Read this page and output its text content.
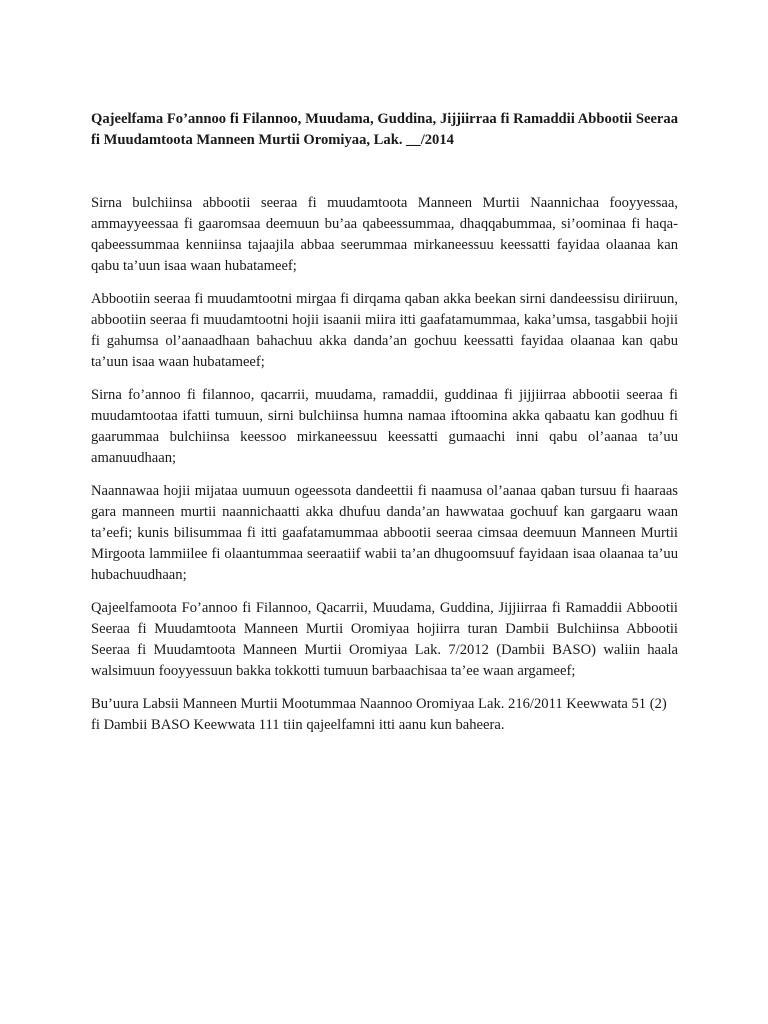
Qajeelfama Fo’annoo fi Filannoo, Muudama, Guddina, Jijjiirraa fi Ramaddii Abbootii Seeraa fi Muudamtoota Manneen Murtii Oromiyaa, Lak. __/2014

Sirna bulchiinsa abbootii seeraa fi muudamtoota Manneen Murtii Naannichaa fooyyessaa, ammayyeessaa fi gaaromsaa deemuun bu’aa qabeessummaa, dhaqqabummaa, si’oominaa fi haqa-qabeessummaa kenniinsa tajaajila abbaa seerummaa mirkaneessuu keessatti fayidaa olaanaa kan qabu ta’uun isaa waan hubatameef;

Abbootiin seeraa fi muudamtootni mirgaa fi dirqama qaban akka beekan sirni dandeessisu diriiruun, abbootiin seeraa fi muudamtootni hojii isaanii miira itti gaafatamummaa, kaka’umsa, tasgabbii hojii fi gahumsa ol’aanaadhaan bahachuu akka danda’an gochuu keessatti fayidaa olaanaa kan qabu ta’uun isaa waan hubatameef;

Sirna fo’annoo fi filannoo, qacarrii, muudama, ramaddii, guddinaa fi jijjiirraa abbootii seeraa fi muudamtootaa ifatti tumuun, sirni bulchiinsa humna namaa iftoomina akka qabaatu kan godhuu fi gaarummaa bulchiinsa keessoo mirkaneessuu keessatti gumaachi inni qabu ol’aanaa ta’uu amanuudhaan;

Naannawaa hojii mijataa uumuun ogeessota dandeettii fi naamusa ol’aanaa qaban tursuu fi haaraas gara manneen murtii naannichaatti akka dhufuu danda’an hawwataa gochuuf kan gargaaru waan ta’eefi; kunis bilisummaa fi itti gaafatamummaa abbootii seeraa cimsaa deemuun Manneen Murtii Mirgoota lammiilee fi olaantummaa seeraatiif wabii ta’an dhugoomsuuf fayidaan isaa olaanaa ta’uu hubachuudhaan;

Qajeelfamoota Fo’annoo fi Filannoo, Qacarrii, Muudama, Guddina, Jijjiirraa fi Ramaddii Abbootii Seeraa fi Muudamtoota Manneen Murtii Oromiyaa hojiirra turan Dambii Bulchiinsa Abbootii Seeraa fi Muudamtoota Manneen Murtii Oromiyaa Lak. 7/2012 (Dambii BASO) waliin haala walsimuun fooyyessuun bakka tokkotti tumuun barbaachisaa ta’ee waan argameef;

Bu’uura Labsii Manneen Murtii Mootummaa Naannoo Oromiyaa Lak. 216/2011 Keewwata 51 (2) fi Dambii BASO Keewwata 111 tiin qajeelfamni itti aanu kun baheera.
